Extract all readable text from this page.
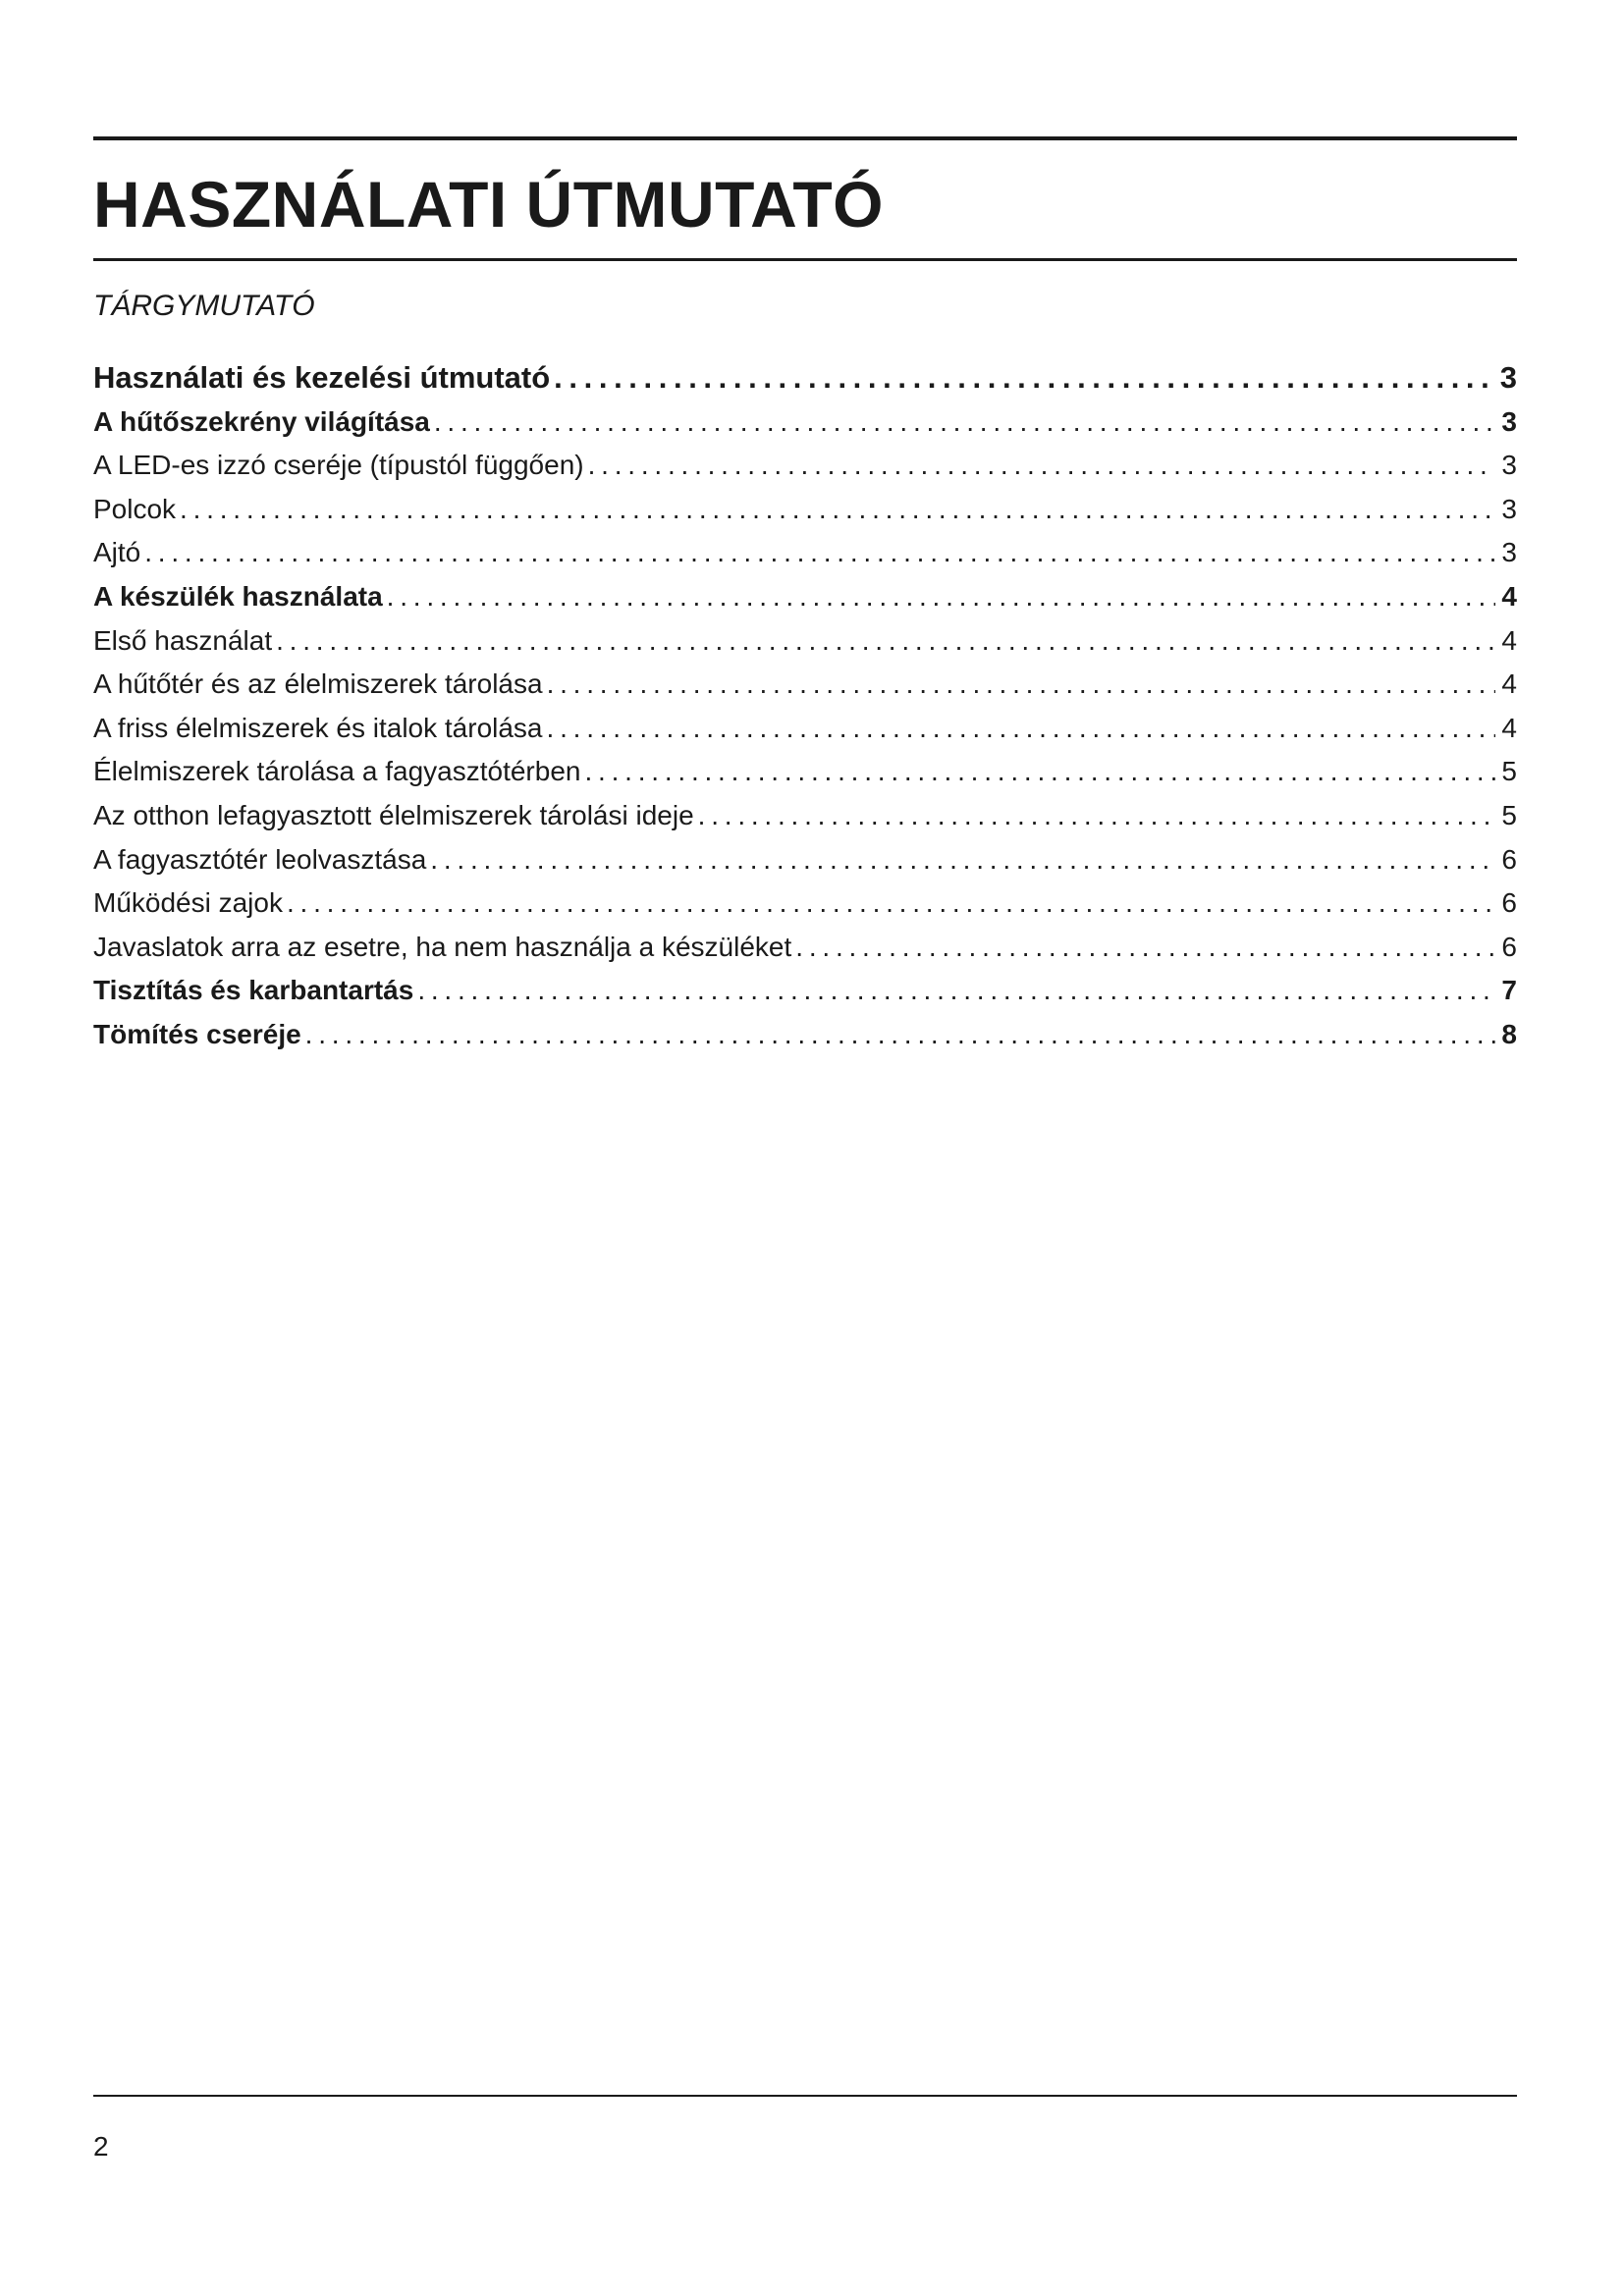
HASZNÁLATI ÚTMUTATÓ
TÁRGYMUTATÓ
Használati és kezelési útmutató . . .	3
A hűtőszekrény világítása . . .	3
A LED-es izzó cseréje (típustól függően) . . .	3
Polcok . . .	3
Ajtó . . .	3
A készülék használata . . .	4
Első használat . . .	4
A hűtőtér és az élelmiszerek tárolása . . .	4
A friss élelmiszerek és italok tárolása . . .	4
Élelmiszerek tárolása a fagyasztótérben . . .	5
Az otthon lefagyasztott élelmiszerek tárolási ideje . . .	5
A fagyasztótér leolvasztása . . .	6
Működési zajok . . .	6
Javaslatok arra az esetre, ha nem használja a készüléket . . .	6
Tisztítás és karbantartás . . .	7
Tömítés cseréje . . .	8
2
